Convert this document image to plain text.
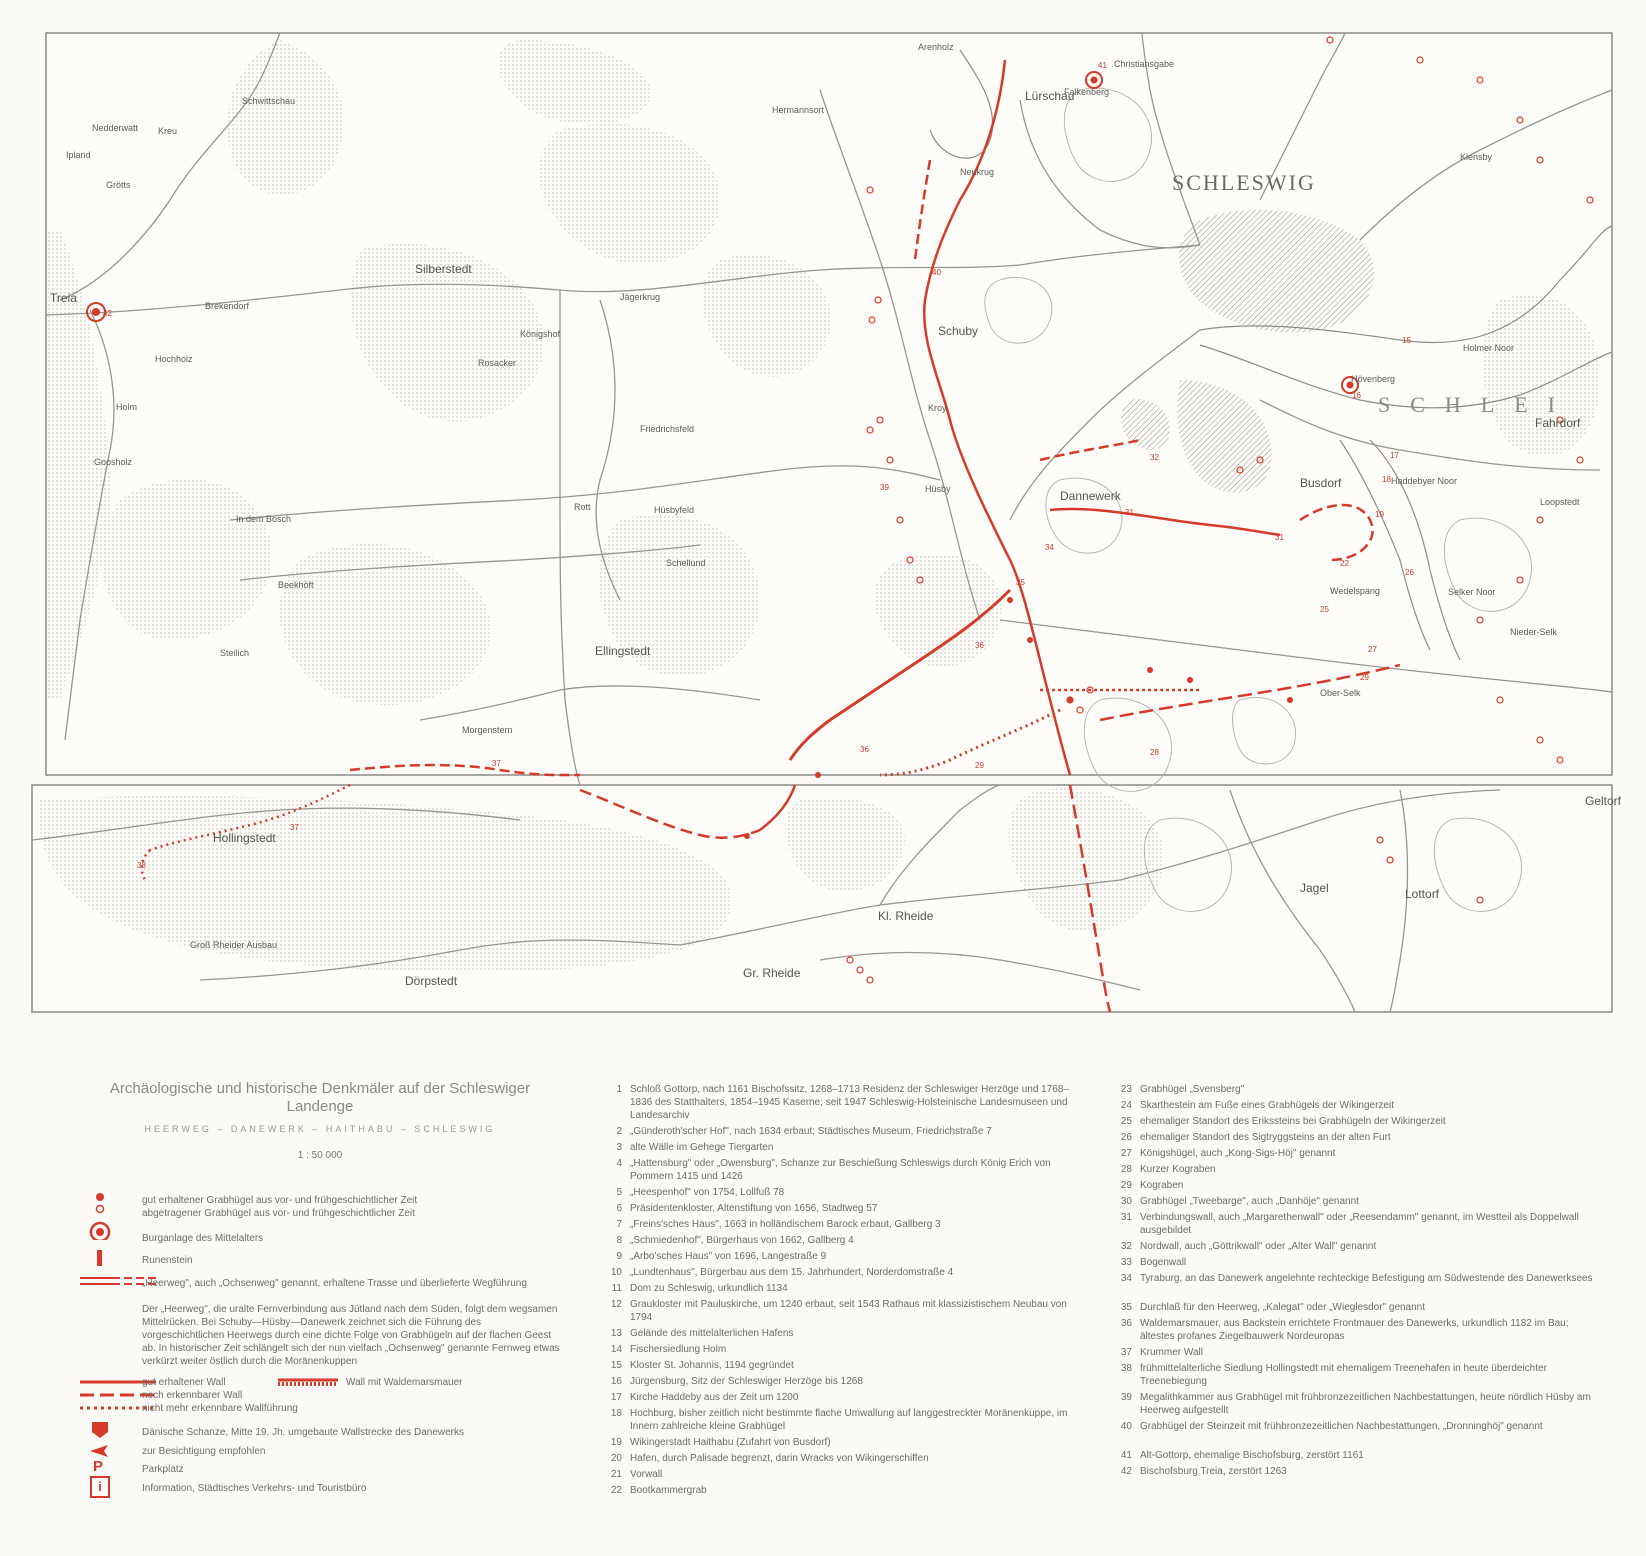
42
41
40
39
38
37
37
36
36
35
34
32
31
31
29
29
28
27
26
25
22
19
18
17
15
16
Arenholz
Lürschau
SCHLESWIG
Silberstedt
Treia
Schuby
Hüsby	Dannewerk
Busdorf
Fahrdorf
Ellingstedt
Hollingstedt
Kl. Rheide
Gr. Rheide
Dörpstedt
Jagel	Lottorf
Geltorf
Wedelspang
Loopstedt
SCHLEI
Schwittschau
Nedderwatt Kreu
Ipland
Grötts
Brekendorf
Hochholz
Holm
Goosholz
Königshof
Jägerkrug
Rosacker
Friedrichsfeld
Hüsbyfeld
Rott
Schellund
Beekhöft
Steilich
Morgenstern
Groß Rheider Ausbau
Hermannsort
Christiansgabe
Falkenberg
Neukrug
Klensby
Kroy
Ober-Selk
Nieder-Selk
Holmer Noor
Haddebyer Noor
Selker Noor
Hövenberg
In dem Bosch
Archäologische und historische Denkmäler auf der Schleswiger Landenge
HEERWEG – DANEWERK – HAITHABU – SCHLESWIG
1 : 50 000
gut erhaltener Grabhügel aus vor- und frühgeschichtlicher Zeit
abgetragener Grabhügel aus vor- und frühgeschichtlicher Zeit
Burganlage des Mittelalters
Runenstein
„Heerweg", auch „Ochsenweg" genannt, erhaltene Trasse und überlieferte Wegführung
Der „Heerweg", die uralte Fernverbindung aus Jütland nach dem Süden, folgt dem wegsamen Mittelrücken. Bei Schuby—Hüsby—Danewerk zeichnet sich die Führung des vorgeschichtlichen Heerwegs durch eine dichte Folge von Grabhügeln auf der flachen Geest ab. In historischer Zeit schlängelt sich der nun vielfach „Ochsenweg" genannte Fernweg etwas verkürzt weiter östlich durch die Moränenkuppen
gut erhaltener Wall	Wall mit Waldemarsmauer
noch erkennbarer Wall
nicht mehr erkennbare Wallführung
Dänische Schanze, Mitte 19. Jh. umgebaute Wallstrecke des Danewerks
zur Besichtigung empfohlen
P	Parkplatz
i	Information, Städtisches Verkehrs- und Touristbüro
1 Schloß Gottorp, nach 1161 Bischofssitz, 1268–1713 Residenz der Schleswiger Herzöge und 1768–1836 des Statthalters, 1854–1945 Kaserne; seit 1947 Schleswig-Holsteinische Landesmuseen und Landesarchiv
2 „Günderoth'scher Hof", nach 1634 erbaut; Städtisches Museum, Friedrichstraße 7
3 alte Wälle im Gehege Tiergarten
4 „Hattensburg" oder „Owensburg", Schanze zur Beschießung Schleswigs durch König Erich von Pommern 1415 und 1426
5 „Heespenhof" von 1754, Lollfuß 78
6 Präsidentenkloster, Altenstiftung von 1656, Stadtweg 57
7 „Freins'sches Haus", 1663 in holländischem Barock erbaut, Gallberg 3
8 „Schmiedenhof", Bürgerhaus von 1662, Gallberg 4
9 „Arbo'sches Haus" von 1696, Langestraße 9
10 „Lundtenhaus", Bürgerbau aus dem 15. Jahrhundert, Norderdomstraße 4
11 Dom zu Schleswig, urkundlich 1134
12 Graukloster mit Pauluskirche, um 1240 erbaut, seit 1543 Rathaus mit klassizistischem Neubau von 1794
13 Gelände des mittelalterlichen Hafens
14 Fischersiedlung Holm
15 Kloster St. Johannis, 1194 gegründet
16 Jürgensburg, Sitz der Schleswiger Herzöge bis 1268
17 Kirche Haddeby aus der Zeit um 1200
18 Hochburg, bisher zeitlich nicht bestimmte flache Umwallung auf langgestreckter Moränenkuppe, im Innern zahlreiche kleine Grabhügel
19 Wikingerstadt Haithabu (Zufahrt von Busdorf)
20 Hafen, durch Palisade begrenzt, darin Wracks von Wikingerschiffen
21 Vorwall
22 Bootkammergrab
23 Grabhügel „Svensberg"
24 Skarthestein am Fuße eines Grabhügels der Wikingerzeit
25 ehemaliger Standort des Erikssteins bei Grabhügeln der Wikingerzeit
26 ehemaliger Standort des Sigtryggsteins an der alten Furt
27 Königshügel, auch „Kong-Sigs-Höj" genannt
28 Kurzer Kograben
29 Kograben
30 Grabhügel „Tweebarge", auch „Danhöje" genannt
31 Verbindungswall, auch „Margarethenwall" oder „Reesendamm" genannt, im Westteil als Doppelwall ausgebildet
32 Nordwall, auch „Göttrikwall" oder „Alter Wall" genannt
33 Bogenwall
34 Tyraburg, an das Danewerk angelehnte rechteckige Befestigung am Südwestende des Danewerksees
35 Durchlaß für den Heerweg, „Kalegat" oder „Wieglesdor" genannt
36 Waldemarsmauer, aus Backstein errichtete Frontmauer des Danewerks, urkundlich 1182 im Bau; ältestes profanes Ziegelbauwerk Nordeuropas
37 Krummer Wall
38 frühmittelalterliche Siedlung Hollingstedt mit ehemaligem Treenehafen in heute überdeichter Treenebiegung
39 Megalithkammer aus Grabhügel mit frühbronzezeitlichen Nachbestattungen, heute nördlich Hüsby am Heerweg aufgestellt
40 Grabhügel der Steinzeit mit frühbronzezeitlichen Nachbestattungen, „Dronninghöj" genannt
41 Alt-Gottorp, ehemalige Bischofsburg, zerstört 1161
42 Bischofsburg Treia, zerstört 1263
